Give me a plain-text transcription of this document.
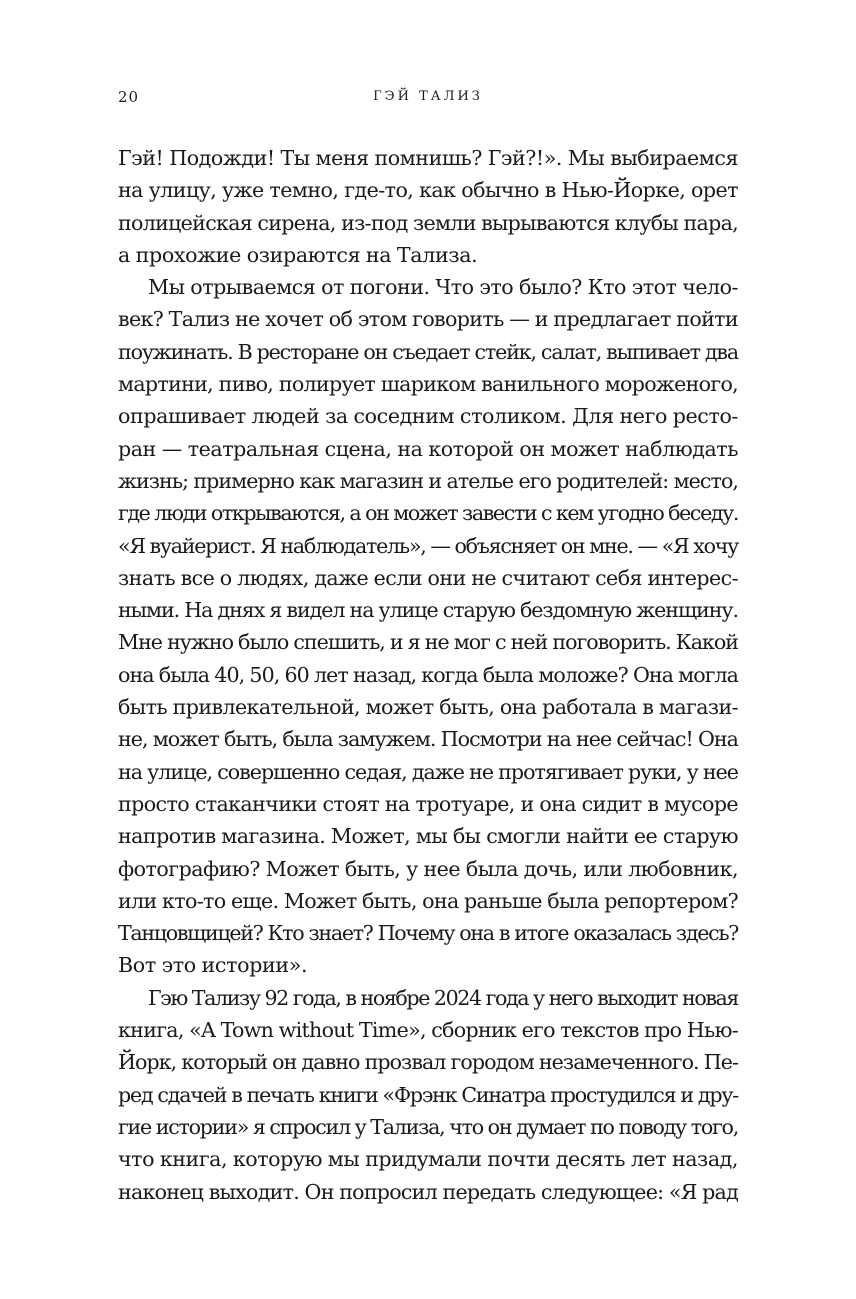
20	ГЭЙ ТАЛИЗ
Гэй! Подожди! Ты меня помнишь? Гэй?!». Мы выбираемся
на улицу, уже темно, где-то, как обычно в Нью-Йорке, орет
полицейская сирена, из-под земли вырываются клубы пара,
а прохожие озираются на Тализа.
Мы отрываемся от погони. Что это было? Кто этот чело-
век? Тализ не хочет об этом говорить — и предлагает пойти
поужинать. В ресторане он съедает стейк, салат, выпивает два
мартини, пиво, полирует шариком ванильного мороженого,
опрашивает людей за соседним столиком. Для него ресто-
ран — театральная сцена, на которой он может наблюдать
жизнь; примерно как магазин и ателье его родителей: место,
где люди открываются, а он может завести с кем угодно беседу.
«Я вуайерист. Я наблюдатель», — объясняет он мне. — «Я хочу
знать все о людях, даже если они не считают себя интерес-
ными. На днях я видел на улице старую бездомную женщину.
Мне нужно было спешить, и я не мог с ней поговорить. Какой
она была 40, 50, 60 лет назад, когда была моложе? Она могла
быть привлекательной, может быть, она работала в магази-
не, может быть, была замужем. Посмотри на нее сейчас! Она
на улице, совершенно седая, даже не протягивает руки, у нее
просто стаканчики стоят на тротуаре, и она сидит в мусоре
напротив магазина. Может, мы бы смогли найти ее старую
фотографию? Может быть, у нее была дочь, или любовник,
или кто-то еще. Может быть, она раньше была репортером?
Танцовщицей? Кто знает? Почему она в итоге оказалась здесь?
Вот это истории».
Гэю Тализу 92 года, в ноябре 2024 года у него выходит новая
книга, «A Town without Time», сборник его текстов про Нью-
Йорк, который он давно прозвал городом незамеченного. Пе-
ред сдачей в печать книги «Фрэнк Синатра простудился и дру-
гие истории» я спросил у Тализа, что он думает по поводу того,
что книга, которую мы придумали почти десять лет назад,
наконец выходит. Он попросил передать следующее: «Я рад
